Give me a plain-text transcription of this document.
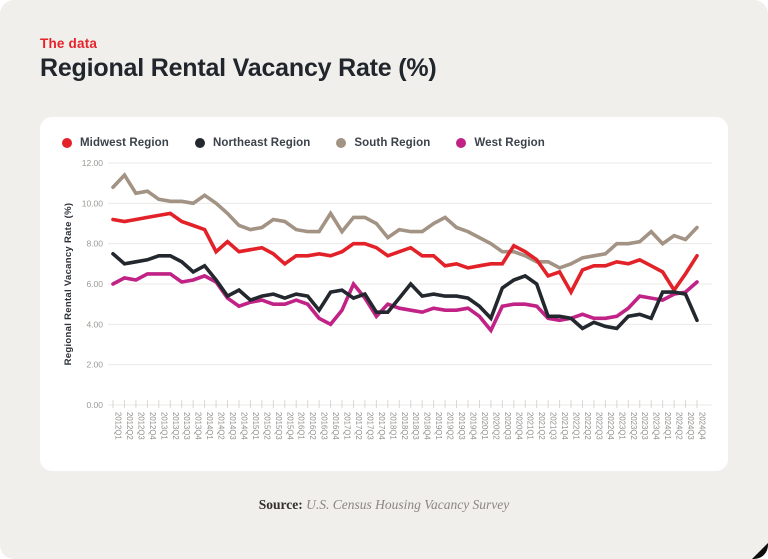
The data
Regional Rental Vacancy Rate (%)
0.00
2.00
4.00
6.00
8.00
10.00
12.00
2012Q1 2012Q2 2012Q3 2012Q4 2013Q1 2013Q2 2013Q3 2013Q4 2014Q1 2014Q2 2014Q3 2014Q4 2015Q1 2015Q2 2015Q3 2015Q4 2016Q1 2016Q2 2016Q3 2016Q4 2017Q1 2017Q2 2017Q3 2017Q4 2018Q1 2018Q2 2018Q3 2018Q4 2019Q1 2019Q2 2019Q3 2019Q4 2020Q1 2020Q2 2020Q3 2020Q4 2021Q1 2021Q2 2021Q3 2021Q4 2022Q1 2022Q2 2022Q3 2022Q4 2023Q1 2023Q2 2023Q3 2023Q4 2024Q1 2024Q2 2024Q3 2024Q4
Regional Rental Vacancy Rate (%)
Midwest Region	Northeast Region	South Region	West Region
Source: U.S. Census Housing Vacancy Survey
